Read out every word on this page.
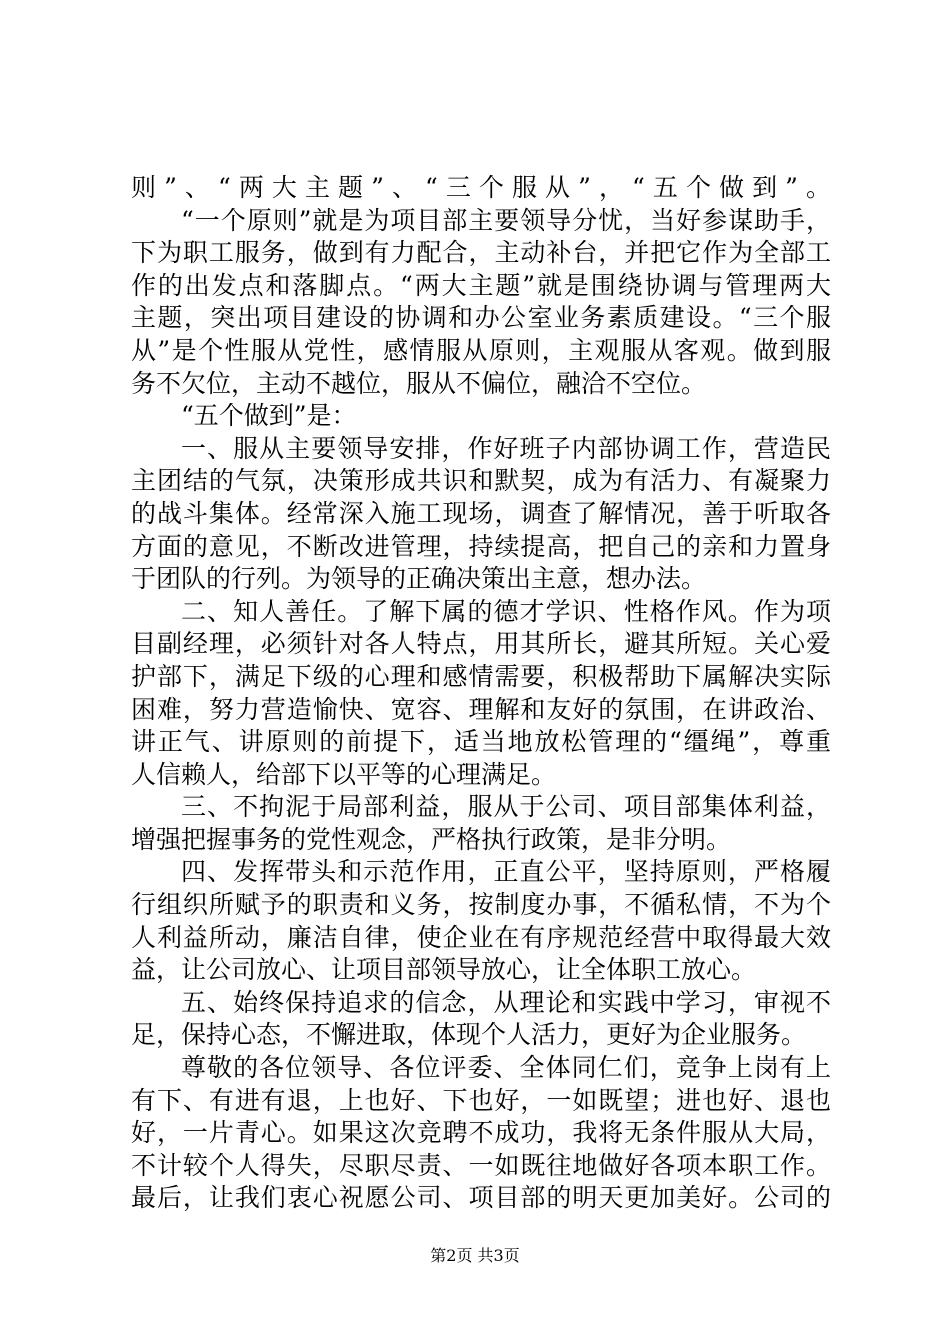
则”、“两大主题”、“三个服从”，“五个做到”。
“一个原则”就是为项目部主要领导分忧，当好参谋助手，
下为职工服务，做到有力配合，主动补台，并把它作为全部工
作的出发点和落脚点。“两大主题”就是围绕协调与管理两大
主题，突出项目建设的协调和办公室业务素质建设。“三个服
从”是个性服从党性，感情服从原则，主观服从客观。做到服
务不欠位，主动不越位，服从不偏位，融洽不空位。
“五个做到”是：
一、服从主要领导安排，作好班子内部协调工作，营造民
主团结的气氛，决策形成共识和默契，成为有活力、有凝聚力
的战斗集体。经常深入施工现场，调查了解情况，善于听取各
方面的意见，不断改进管理，持续提高，把自己的亲和力置身
于团队的行列。为领导的正确决策出主意，想办法。
二、知人善任。了解下属的德才学识、性格作风。作为项
目副经理，必须针对各人特点，用其所长，避其所短。关心爱
护部下，满足下级的心理和感情需要，积极帮助下属解决实际
困难，努力营造愉快、宽容、理解和友好的氛围，在讲政治、
讲正气、讲原则的前提下，适当地放松管理的“缰绳”，尊重
人信赖人，给部下以平等的心理满足。
三、不拘泥于局部利益，服从于公司、项目部集体利益，
增强把握事务的党性观念，严格执行政策，是非分明。
四、发挥带头和示范作用，正直公平，坚持原则，严格履
行组织所赋予的职责和义务，按制度办事，不循私情，不为个
人利益所动，廉洁自律，使企业在有序规范经营中取得最大效
益，让公司放心、让项目部领导放心，让全体职工放心。
五、始终保持追求的信念，从理论和实践中学习，审视不
足，保持心态，不懈进取，体现个人活力，更好为企业服务。
尊敬的各位领导、各位评委、全体同仁们，竞争上岗有上
有下、有进有退，上也好、下也好，一如既望；进也好、退也
好，一片青心。如果这次竞聘不成功，我将无条件服从大局，
不计较个人得失，尽职尽责、一如既往地做好各项本职工作。
最后，让我们衷心祝愿公司、项目部的明天更加美好。公司的
第2页 共3页
